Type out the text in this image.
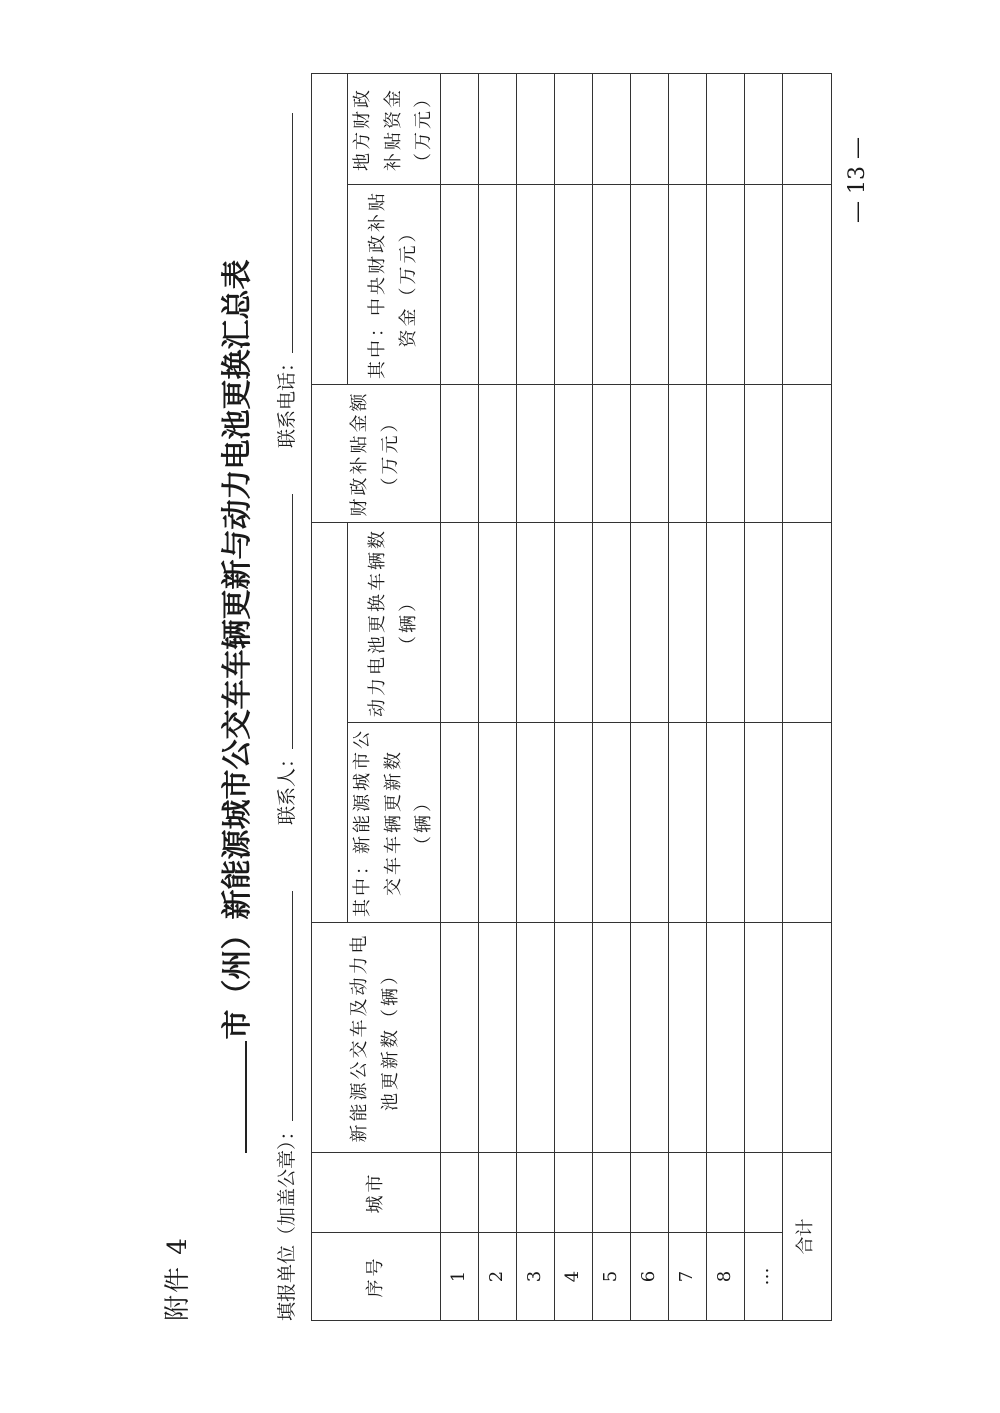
附件 4
市（州）新能源城市公交车车辆更新与动力电池更换汇总表
填报单位（加盖公章）：
联系人：
联系电话：
序号	城市	新能源公交车及动力电池更新数（辆）			财政补贴金额（万元）		
			其中：新能源城市公交车车辆更新数（辆）	动力电池更换车辆数（辆）		其中：中央财政补贴资金（万元）	地方财政补贴资金（万元）
1							
2							
3							
4							
5							
6							
7							
8							
…							
合计							
— 13 —
